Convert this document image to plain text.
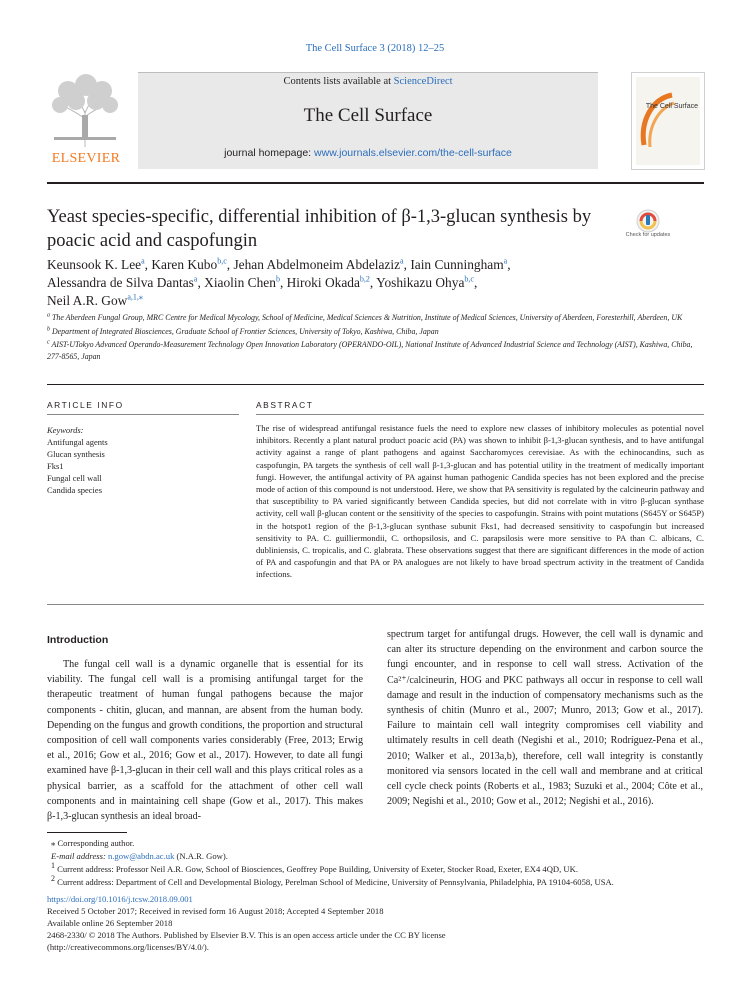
The Cell Surface 3 (2018) 12–25
ELSEVIER
Contents lists available at ScienceDirect
The Cell Surface
journal homepage: www.journals.elsevier.com/the-cell-surface
The Cell Surface
Yeast species-specific, differential inhibition of β-1,3-glucan synthesis by poacic acid and caspofungin	Check for updates
Keunsook K. Lee$^a$, Karen Kubo$^{b,c}$, Jehan Abdelmoneim Abdelaziz$^a$, Iain Cunningham$^a$,
Alessandra de Silva Dantas$^a$, Xiaolin Chen$^b$, Hiroki Okada$^{b,2}$, Yoshikazu Ohya$^{b,c}$,
Neil A.R. Gow$^{a,1,⁎}$
$^a$ The Aberdeen Fungal Group, MRC Centre for Medical Mycology, School of Medicine, Medical Sciences & Nutrition, Institute of Medical Sciences, University of Aberdeen, Foresterhill, Aberdeen, UK
$^b$ Department of Integrated Biosciences, Graduate School of Frontier Sciences, University of Tokyo, Kashiwa, Chiba, Japan
$^c$ AIST-UTokyo Advanced Operando-Measurement Technology Open Innovation Laboratory (OPERANDO-OIL), National Institute of Advanced Industrial Science and Technology (AIST), Kashiwa, Chiba, 277-8565, Japan
ARTICLE INFO	ABSTRACT
Keywords:
Antifungal agents
Glucan synthesis
Fks1
Fungal cell wall
Candida species
The rise of widespread antifungal resistance fuels the need to explore new classes of inhibitory molecules as potential novel inhibitors. Recently a plant natural product poacic acid (PA) was shown to inhibit β-1,3-glucan synthesis, and to have antifungal activity against a range of plant pathogens and against Saccharomyces cerevisiae. As with the echinocandins, such as caspofungin, PA targets the synthesis of cell wall β-1,3-glucan and has potential utility in the treatment of medically important fungi. However, the antifungal activity of PA against human pathogenic Candida species has not been explored and the precise mode of action of this compound is not understood. Here, we show that PA sensitivity is regulated by the calcineurin pathway and that susceptibility to PA varied significantly between Candida species, but did not correlate with in vitro β-glucan synthase activity, cell wall β-glucan content or the sensitivity of the species to caspofungin. Strains with point mutations (S645Y or S645P) in the hotspot1 region of the β-1,3-glucan synthase subunit Fks1, had decreased sensitivity to caspofungin but increased sensitivity to PA. C. guilliermondii, C. orthopsilosis, and C. parapsilosis were more sensitive to PA than C. albicans, C. dubliniensis, C. tropicalis, and C. glabrata. These observations suggest that there are significant differences in the mode of action of PA and caspofungin and that PA or PA analogues are not likely to have broad spectrum activity in the treatment of Candida infections.
Introduction

The fungal cell wall is a dynamic organelle that is essential for its viability. The fungal cell wall is a promising antifungal target for the therapeutic treatment of human fungal pathogens because the major components - chitin, glucan, and mannan, are absent from the human body. Depending on the fungus and growth conditions, the proportion and structural composition of cell wall components varies considerably (Free, 2013; Erwig et al., 2016; Gow et al., 2016; Gow et al., 2017). However, to date all fungi examined have β-1,3-glucan in their cell wall and this plays critical roles as a physical barrier, as a scaffold for the attachment of other cell wall components and in maintaining cell shape (Gow et al., 2017). This makes β-1,3-glucan synthesis an ideal broad-

spectrum target for antifungal drugs. However, the cell wall is dynamic and can alter its structure depending on the environment and carbon source the fungi encounter, and in response to cell wall stress. Activation of the Ca²⁺/calcineurin, HOG and PKC pathways all occur in response to cell wall damage and result in the induction of compensatory mechanisms such as the synthesis of chitin (Munro et al., 2007; Munro, 2013; Gow et al., 2017). Failure to maintain cell wall integrity compromises cell viability and ultimately results in cell death (Negishi et al., 2010; Rodríguez-Pena et al., 2010; Walker et al., 2013a,b), therefore, cell wall integrity is constantly monitored via sensors located in the cell wall and membrane and at critical cell cycle check points (Roberts et al., 1983; Suzuki et al., 2004; Côte et al., 2009; Negishi et al., 2010; Gow et al., 2012; Negishi et al., 2016).

⁎ Corresponding author.
E-mail address: n.gow@abdn.ac.uk (N.A.R. Gow).
$^1$ Current address: Professor Neil A.R. Gow, School of Biosciences, Geoffrey Pope Building, University of Exeter, Stocker Road, Exeter, EX4 4QD, UK.
$^2$ Current address: Department of Cell and Developmental Biology, Perelman School of Medicine, University of Pennsylvania, Philadelphia, PA 19104-6058, USA.
https://doi.org/10.1016/j.tcsw.2018.09.001
Received 5 October 2017; Received in revised form 16 August 2018; Accepted 4 September 2018
Available online 26 September 2018
2468-2330/ © 2018 The Authors. Published by Elsevier B.V. This is an open access article under the CC BY license
(http://creativecommons.org/licenses/BY/4.0/).
